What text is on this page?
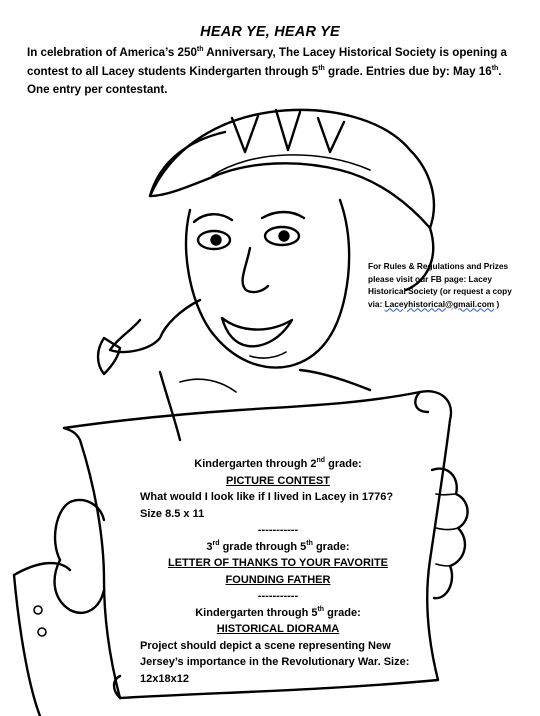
HEAR YE, HEAR YE
In celebration of America’s 250th Anniversary, The Lacey Historical Society is opening a contest to all Lacey students Kindergarten through 5th grade. Entries due by: May 16th. One entry per contestant.
For Rules & Regulations and Prizes please visit our FB page: Lacey Historical Society (or request a copy via: Laceyhistorical@gmail.com )
Kindergarten through 2nd grade:
PICTURE CONTEST
What would I look like if I lived in Lacey in 1776? Size 8.5 x 11
-----------
3rd grade through 5th grade:
LETTER OF THANKS TO YOUR FAVORITE FOUNDING FATHER
-----------
Kindergarten through 5th grade:
HISTORICAL DIORAMA
Project should depict a scene representing New Jersey’s importance in the Revolutionary War. Size: 12x18x12
